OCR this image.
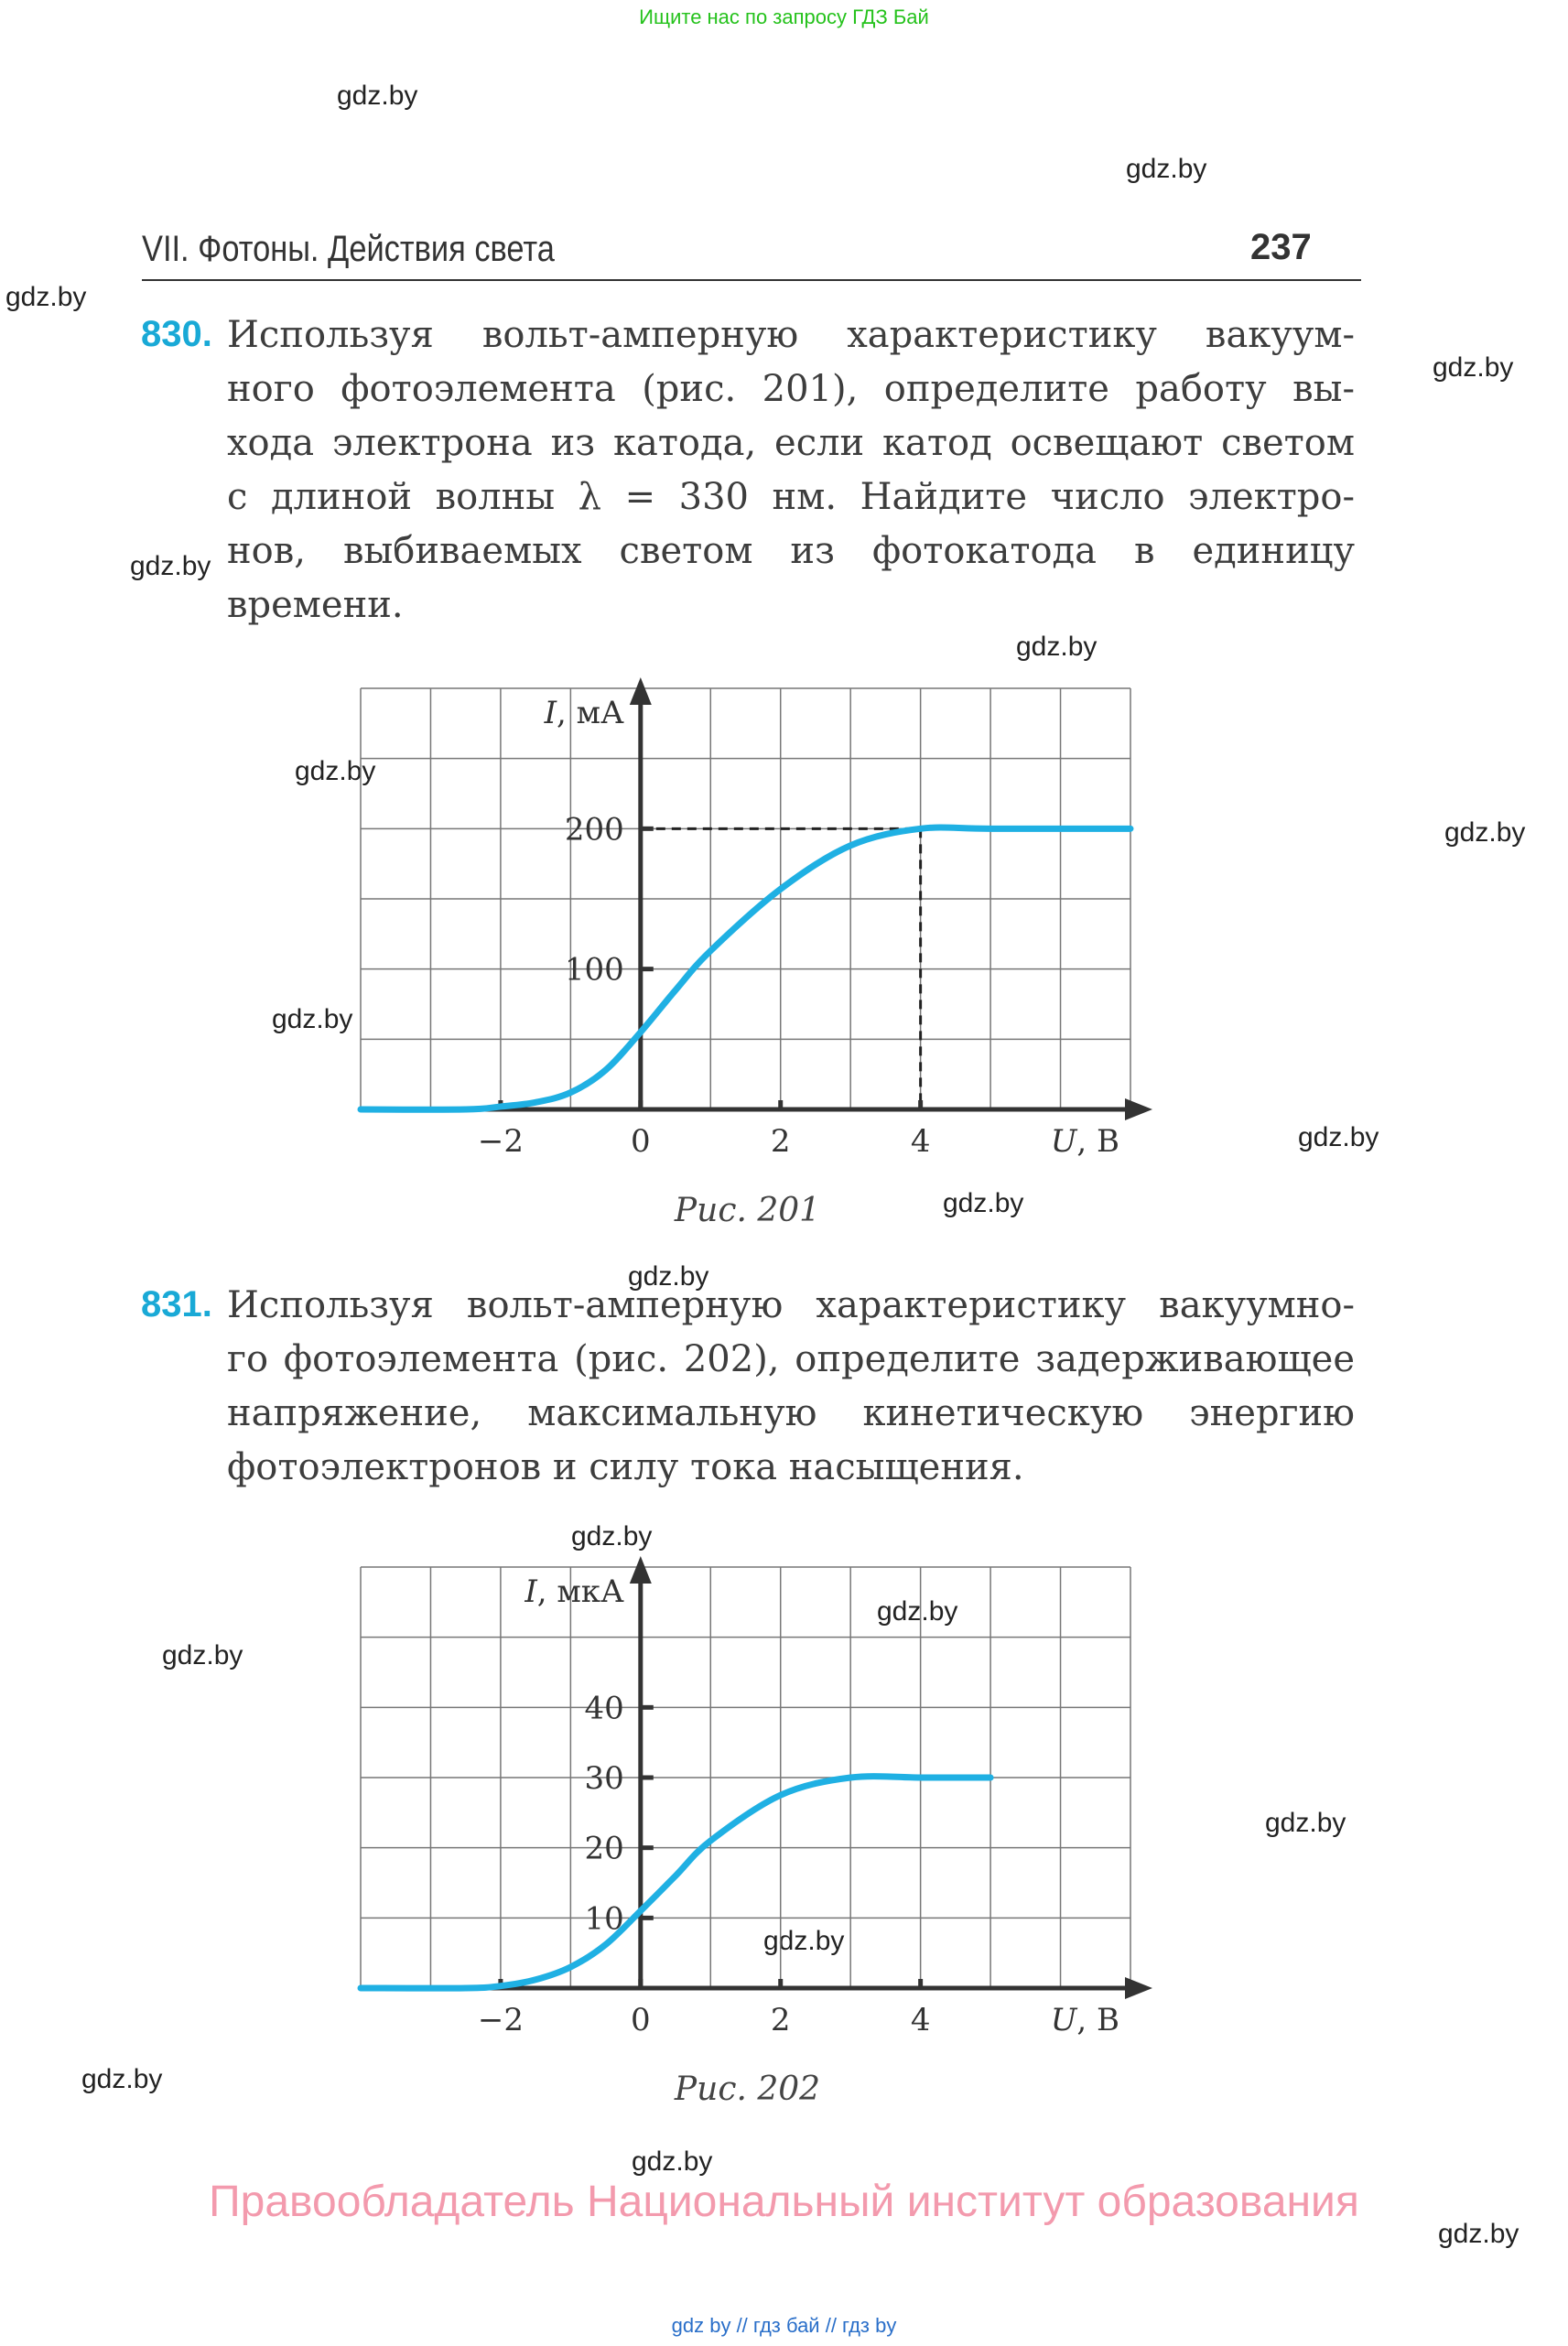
Ищите нас по запросу ГДЗ Бай
gdz.by
gdz.by
gdz.by
gdz.by
gdz.by
gdz.by
gdz.by
gdz.by
gdz.by
gdz.by
gdz.by
gdz.by
gdz.by
gdz.by
gdz.by
gdz.by
gdz.by
gdz.by
gdz.by
gdz.by
VII. Фотоны. Действия света	237
830. Используя вольт-амперную характеристику вакуум-
ного фотоэлемента (рис. 201), определите работу вы-
хода электрона из катода, если катод освещают светом
с длиной волны λ = 330 нм. Найдите число электро-
нов, выбиваемых светом из фотокатода в единицу
времени.
−2	0	2	4
100
200
I, мА
U, В
Рис. 201
831. Используя вольт-амперную характеристику вакуумно-
го фотоэлемента (рис. 202), определите задерживающее
напряжение, максимальную кинетическую энергию
фотоэлектронов и силу тока насыщения.
−2	0	2	4
10
20
30
40
I, мкА
U, В
Рис. 202
Правообладатель Национальный институт образования
gdz by // гдз бай // гдз by
